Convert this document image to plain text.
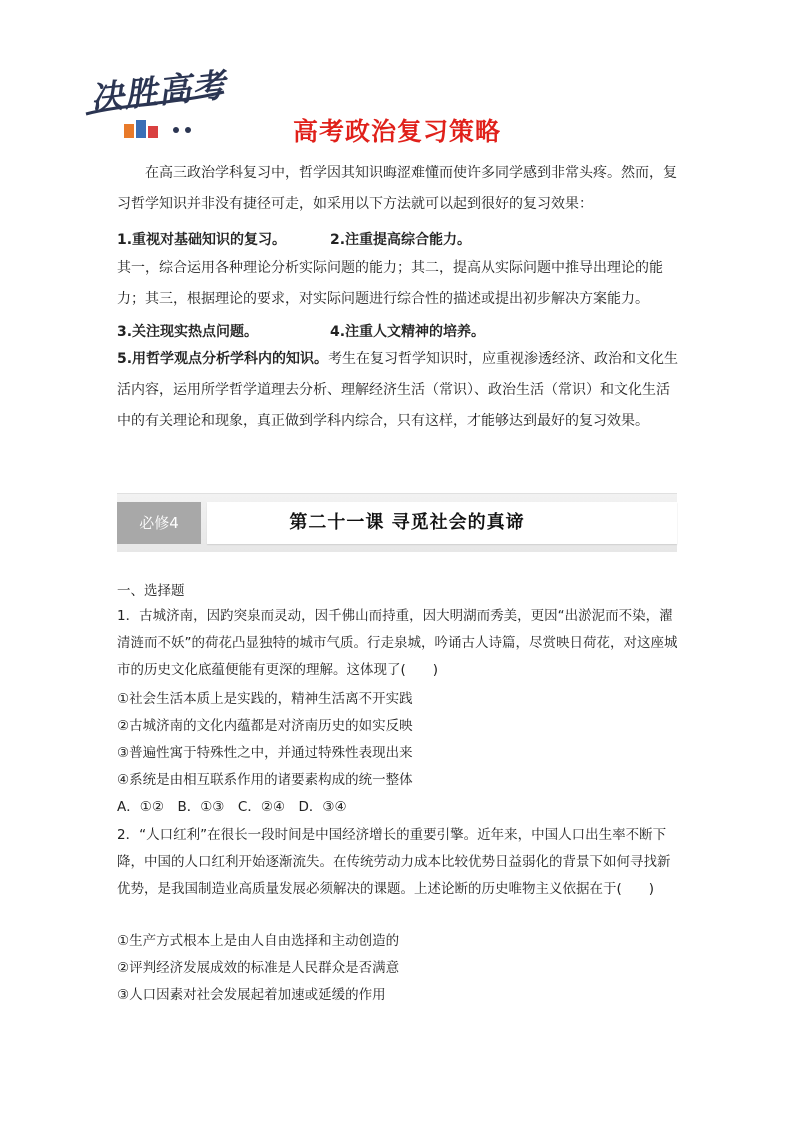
决胜高考
高考政治复习策略
在高三政治学科复习中，哲学因其知识晦涩难懂而使许多同学感到非常头疼。然而，复习哲学知识并非没有捷径可走，如采用以下方法就可以起到很好的复习效果：
1.重视对基础知识的复习。	2.注重提高综合能力。
其一，综合运用各种理论分析实际问题的能力；其二，提高从实际问题中推导出理论的能力；其三，根据理论的要求，对实际问题进行综合性的描述或提出初步解决方案能力。
3.关注现实热点问题。	4.注重人文精神的培养。
5.用哲学观点分析学科内的知识。考生在复习哲学知识时，应重视渗透经济、政治和文化生活内容，运用所学哲学道理去分析、理解经济生活（常识）、政治生活（常识）和文化生活中的有关理论和现象，真正做到学科内综合，只有这样，才能够达到最好的复习效果。
必修4	第二十一课 寻觅社会的真谛
一、选择题
1．古城济南，因趵突泉而灵动，因千佛山而持重，因大明湖而秀美，更因“出淤泥而不染，濯清涟而不妖”的荷花凸显独特的城市气质。行走泉城，吟诵古人诗篇，尽赏映日荷花，对这座城市的历史文化底蕴便能有更深的理解。这体现了(　　)
①社会生活本质上是实践的，精神生活离不开实践
②古城济南的文化内蕴都是对济南历史的如实反映
③普遍性寓于特殊性之中，并通过特殊性表现出来
④系统是由相互联系作用的诸要素构成的统一整体
A．①②　B．①③　C．②④　D．③④
2．“人口红利”在很长一段时间是中国经济增长的重要引擎。近年来，中国人口出生率不断下降，中国的人口红利开始逐渐流失。在传统劳动力成本比较优势日益弱化的背景下如何寻找新优势，是我国制造业高质量发展必须解决的课题。上述论断的历史唯物主义依据在于(　　)
①生产方式根本上是由人自由选择和主动创造的
②评判经济发展成效的标准是人民群众是否满意
③人口因素对社会发展起着加速或延缓的作用
